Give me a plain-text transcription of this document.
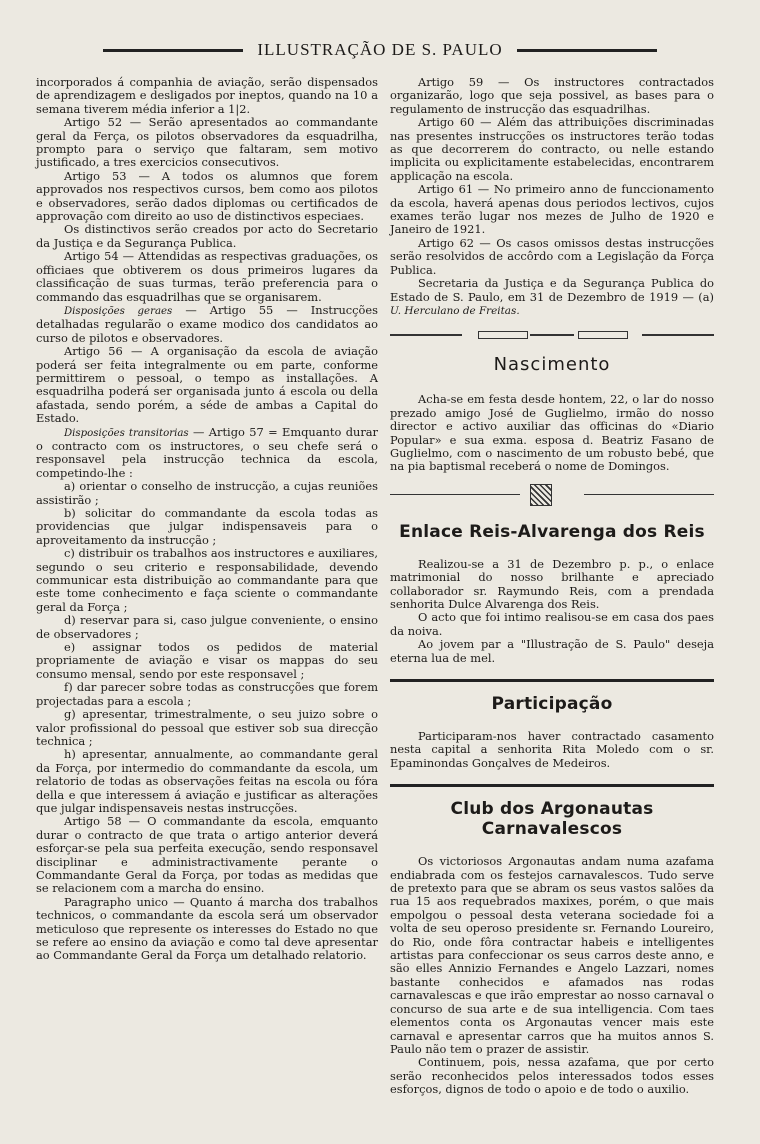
ILLUSTRAÇÃO DE S. PAULO

incorporados á companhia de aviação, serão dispensados de aprendizagem e desligados por ineptos, quando na 10 a semana tiverem média inferior a 1|2.

Artigo 52 — Serão apresentados ao commandante geral da Ferça, os pilotos observadores da esquadrilha, prompto para o serviço que faltaram, sem motivo justificado, a tres exercicios consecutivos.

Artigo 53 — A todos os alumnos que forem approvados nos respectivos cursos, bem como aos pilotos e observadores, serão dados diplomas ou certificados de approvação com direito ao uso de distinctivos especiaes.

Os distinctivos serão creados por acto do Secretario da Justiça e da Segurança Publica.

Artigo 54 — Attendidas as respectivas graduações, os officiaes que obtiverem os dous primeiros lugares da classificação de suas turmas, terão preferencia para o commando das esquadrilhas que se organisarem.

Disposições geraes — Artigo 55 — Instrucções detalhadas regularão o exame modico dos candidatos ao curso de pilotos e observadores.

Artigo 56 — A organisação da escola de aviação poderá ser feita integralmente ou em parte, conforme permittirem o pessoal, o tempo as installações. A esquadrilha poderá ser organisada junto á escola ou della afastada, sendo porém, a séde de ambas a Capital do Estado.

Disposições transitorias — Artigo 57 = Emquanto durar o contracto com os instructores, o seu chefe será o responsavel pela instrucção technica da escola, competindo-lhe :

a) orientar o conselho de instrucção, a cujas reuniões assistirão ;

b) solicitar do commandante da escola todas as providencias que julgar indispensaveis para o aproveitamento da instrucção ;

c) distribuir os trabalhos aos instructores e auxiliares, segundo o seu criterio e responsabilidade, devendo communicar esta distribuição ao commandante para que este tome conhecimento e faça sciente o commandante geral da Força ;

d) reservar para si, caso julgue conveniente, o ensino de observadores ;

e) assignar todos os pedidos de material propriamente de aviação e visar os mappas do seu consumo mensal, sendo por este responsavel ;

f) dar parecer sobre todas as construcções que forem projectadas para a escola ;

g) apresentar, trimestralmente, o seu juizo sobre o valor profissional do pessoal que estiver sob sua direcção technica ;

h) apresentar, annualmente, ao commandante geral da Força, por intermedio do commandante da escola, um relatorio de todas as observações feitas na escola ou fóra della e que interessem á aviação e justificar as alterações que julgar indispensaveis nestas instrucções.

Artigo 58 — O commandante da escola, emquanto durar o contracto de que trata o artigo anterior deverá esforçar-se pela sua perfeita execução, sendo responsavel disciplinar e administractivamente perante o Commandante Geral da Força, por todas as medidas que se relacionem com a marcha do ensino.

Paragrapho unico — Quanto á marcha dos trabalhos technicos, o commandante da escola será um observador meticuloso que represente os interesses do Estado no que se refere ao ensino da aviação e como tal deve apresentar ao Commandante Geral da Força um detalhado relatorio.

Artigo 59 — Os instructores contractados organizarão, logo que seja possivel, as bases para o regulamento de instrucção das esquadrilhas.

Artigo 60 — Além das attribuições discriminadas nas presentes instrucções os instructores terão todas as que decorrerem do contracto, ou nelle estando implicita ou explicitamente estabelecidas, encontrarem applicação na escola.

Artigo 61 — No primeiro anno de funccionamento da escola, haverá apenas dous periodos lectivos, cujos exames terão lugar nos mezes de Julho de 1920 e Janeiro de 1921.

Artigo 62 — Os casos omissos destas instrucções serão resolvidos de accôrdo com a Legislação da Força Publica.

Secretaria da Justiça e da Segurança Publica do Estado de S. Paulo, em 31 de Dezembro de 1919 — (a) U. Herculano de Freitas.

Nascimento

Acha-se em festa desde hontem, 22, o lar do nosso prezado amigo José de Guglielmo, irmão do nosso director e activo auxiliar das officinas do «Diario Popular» e sua exma. esposa d. Beatriz Fasano de Guglielmo, com o nascimento de um robusto bebé, que na pia baptismal receberá o nome de Domingos.

Enlace Reis-Alvarenga dos Reis

Realizou-se a 31 de Dezembro p. p., o enlace matrimonial do nosso brilhante e apreciado collaborador sr. Raymundo Reis, com a prendada senhorita Dulce Alvarenga dos Reis.

O acto que foi intimo realisou-se em casa dos paes da noiva.

Ao jovem par a "Illustração de S. Paulo" deseja eterna lua de mel.

Participação

Participaram-nos haver contractado casamento nesta capital a senhorita Rita Moledo com o sr. Epaminondas Gonçalves de Medeiros.

Club dos Argonautas Carnavalescos

Os victoriosos Argonautas andam numa azafama endiabrada com os festejos carnavalescos. Tudo serve de pretexto para que se abram os seus vastos salões da rua 15 aos requebrados maxixes, porém, o que mais empolgou o pessoal desta veterana sociedade foi a volta de seu operoso presidente sr. Fernando Loureiro, do Rio, onde fôra contractar habeis e intelligentes artistas para confeccionar os seus carros deste anno, e são elles Annizio Fernandes e Angelo Lazzari, nomes bastante conhecidos e afamados nas rodas carnavalescas e que irão emprestar ao nosso carnaval o concurso de sua arte e de sua intelligencia. Com taes elementos conta os Argonautas vencer mais este carnaval e apresentar carros que ha muitos annos S. Paulo não tem o prazer de assistir.

Continuem, pois, nessa azafama, que por certo serão reconhecidos pelos interessados todos esses esforços, dignos de todo o apoio e de todo o auxilio.
